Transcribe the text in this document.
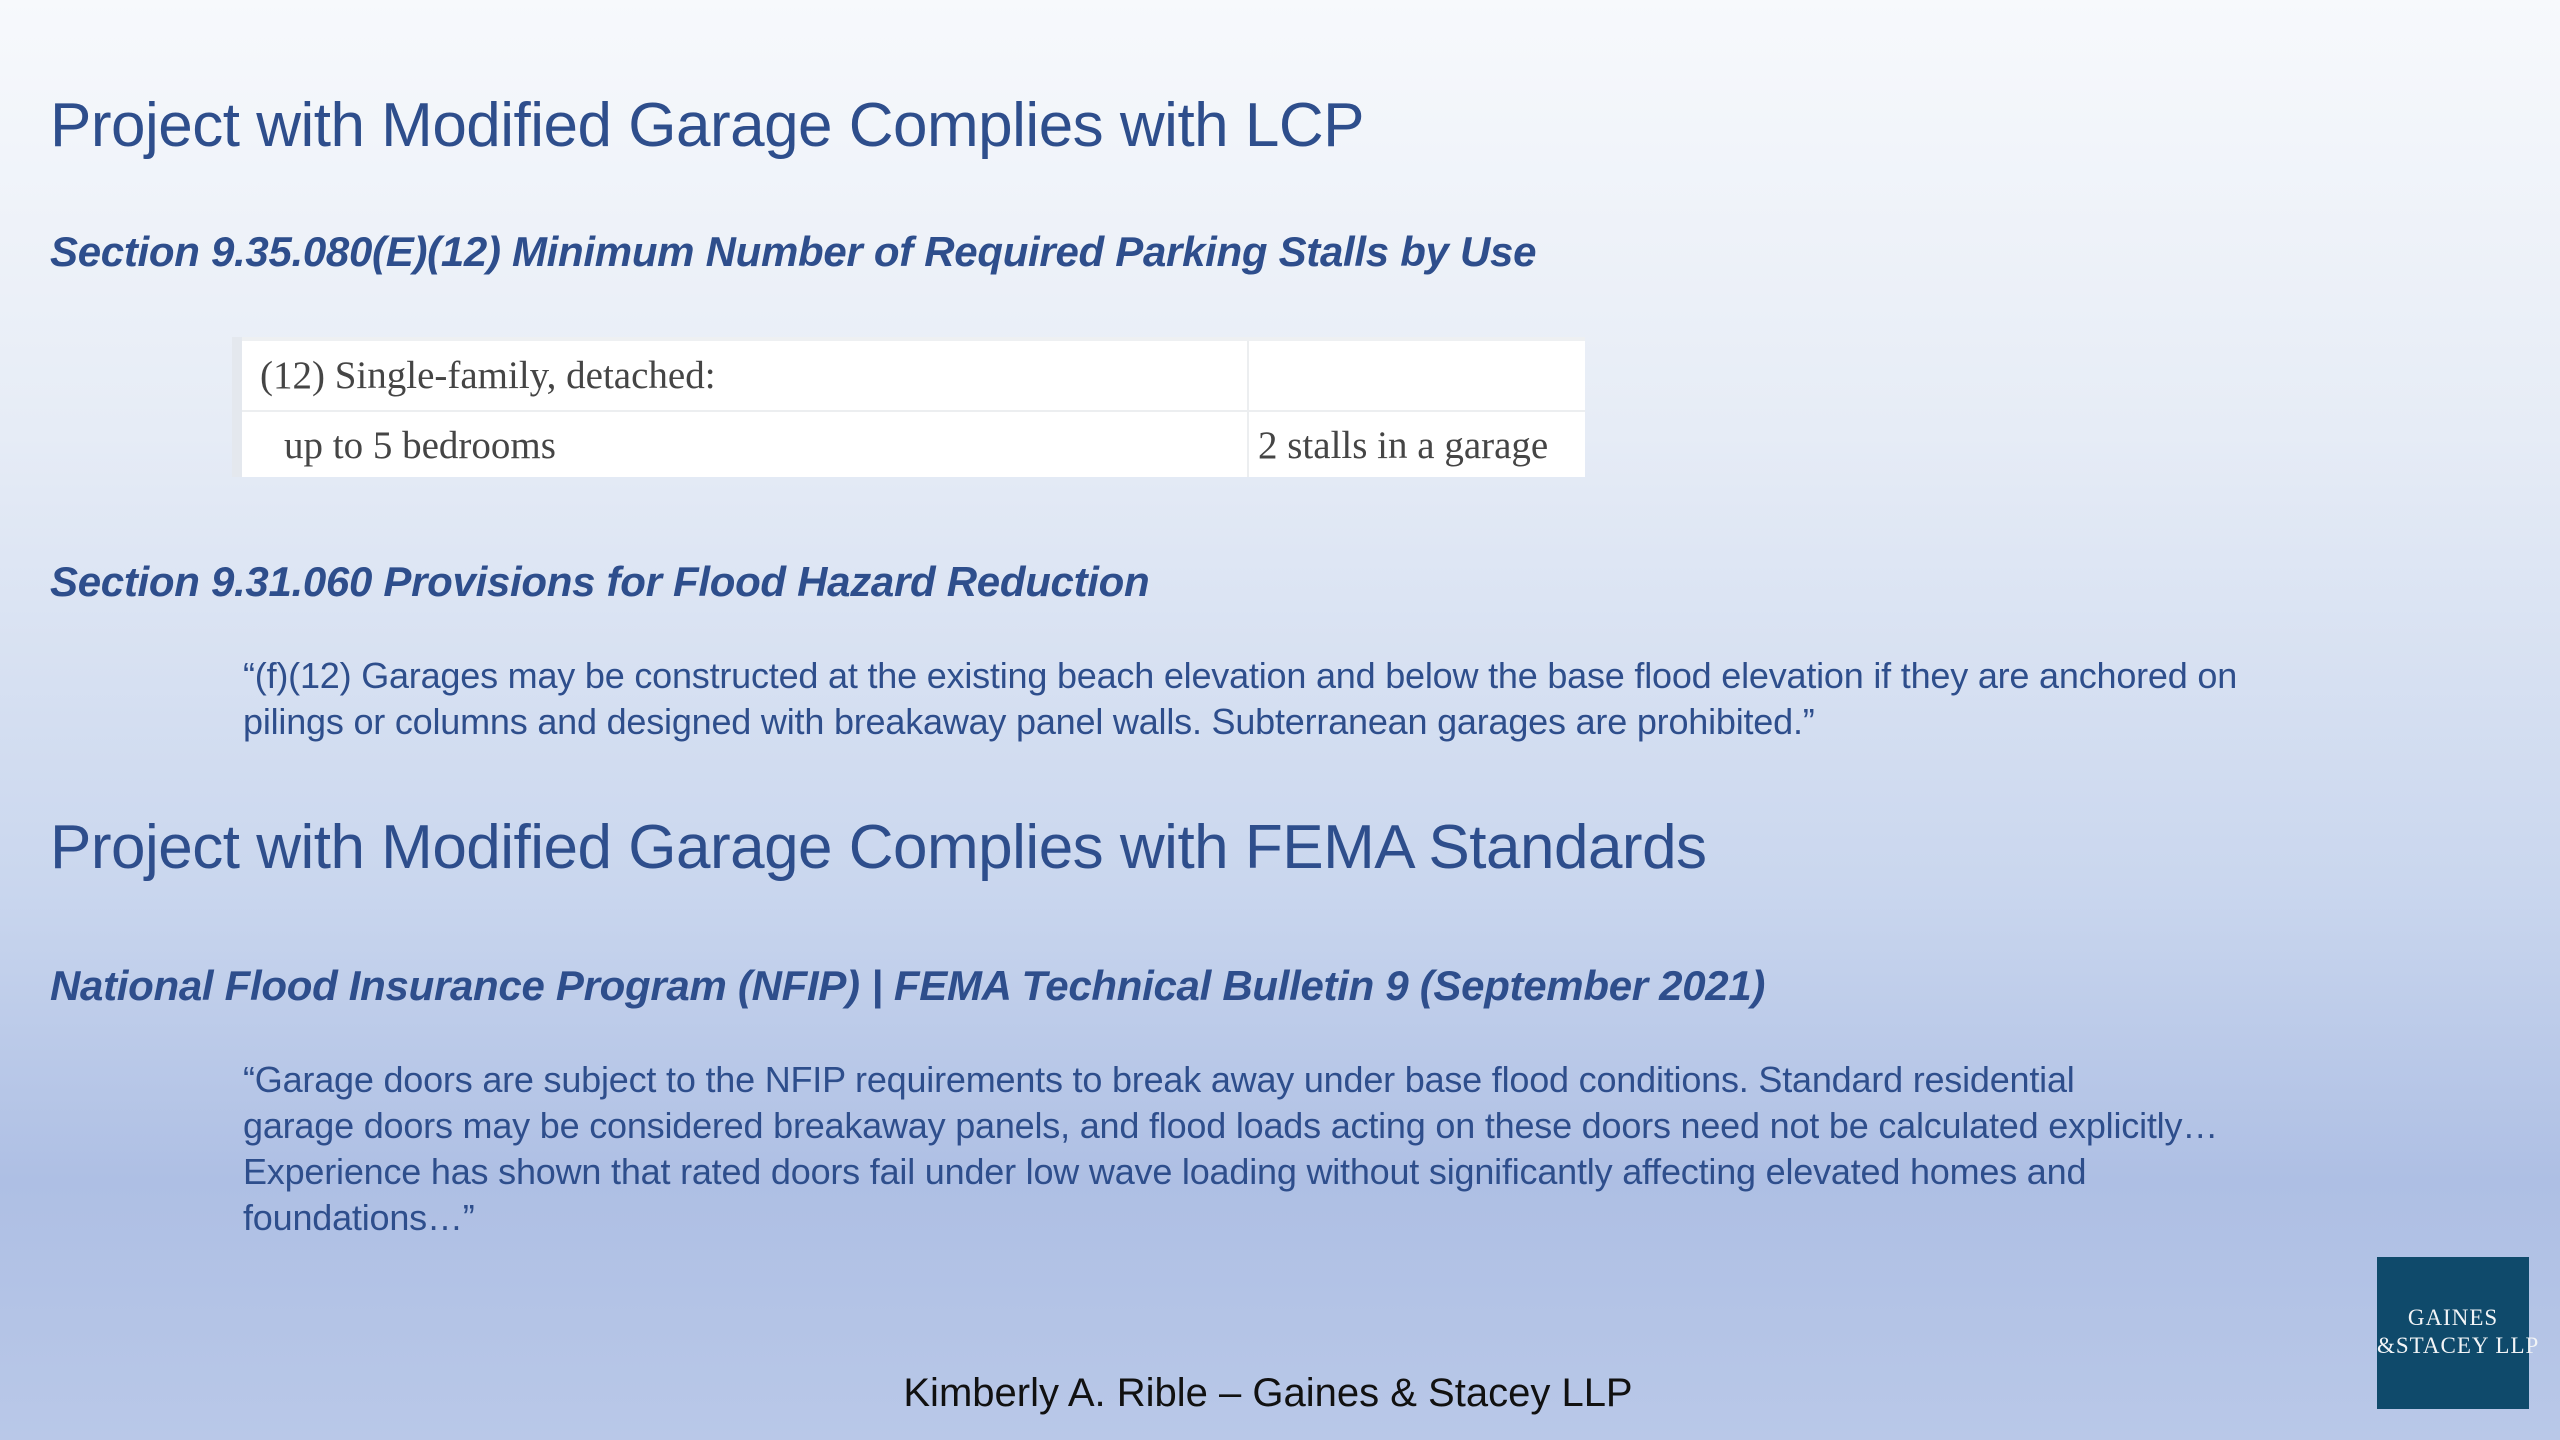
Project with Modified Garage Complies with LCP
Section 9.35.080(E)(12) Minimum Number of Required Parking Stalls by Use
(12) Single-family, detached:
up to 5 bedrooms	2 stalls in a garage
Section 9.31.060 Provisions for Flood Hazard Reduction

“(f)(12) Garages may be constructed at the existing beach elevation and below the base flood elevation if they are anchored on pilings or columns and designed with breakaway panel walls. Subterranean garages are prohibited.”

Project with Modified Garage Complies with FEMA Standards
National Flood Insurance Program (NFIP) | FEMA Technical Bulletin 9 (September 2021)
“Garage doors are subject to the NFIP requirements to break away under base flood conditions. Standard residential
garage doors may be considered breakaway panels, and flood loads acting on these doors need not be calculated explicitly…
Experience has shown that rated doors fail under low wave loading without significantly affecting elevated homes and
foundations…”
Kimberly A. Rible – Gaines & Stacey LLP
GAINES
&STACEY LLP
